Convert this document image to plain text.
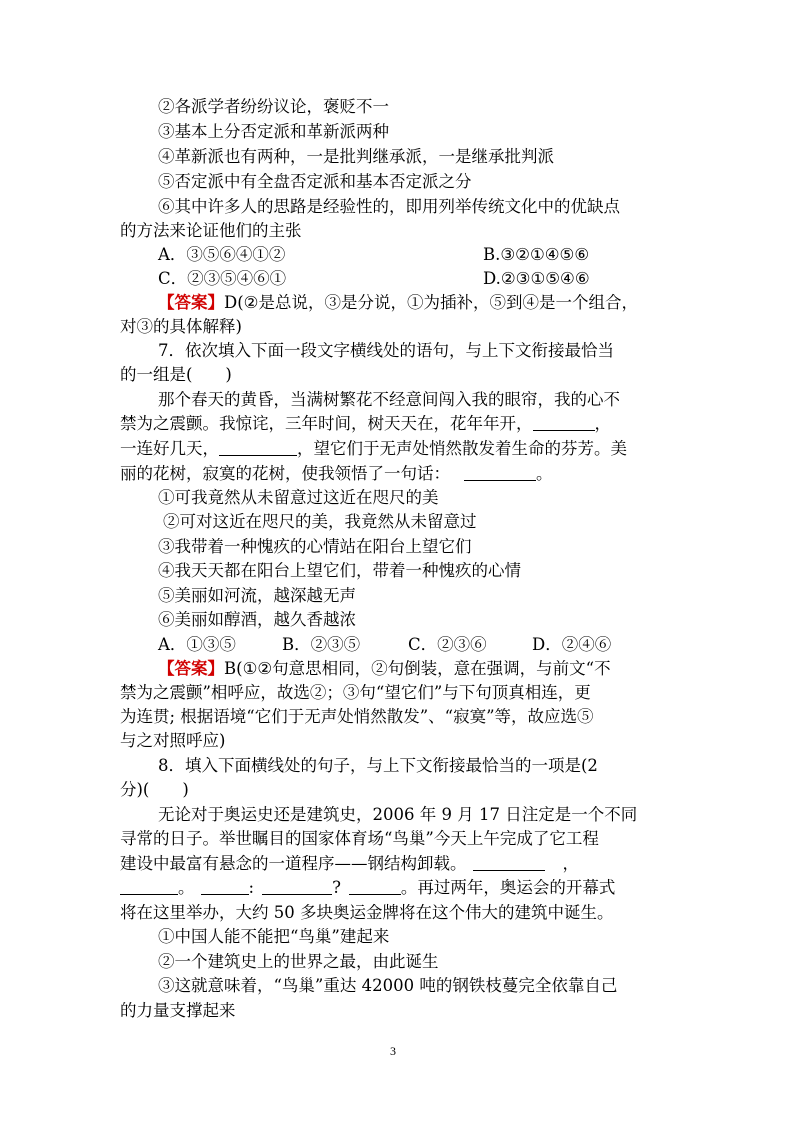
②各派学者纷纷议论，褒贬不一
③基本上分否定派和革新派两种
④革新派也有两种，一是批判继承派，一是继承批判派
⑤否定派中有全盘否定派和基本否定派之分
⑥其中许多人的思路是经验性的，即用列举传统文化中的优缺点
的方法来论证他们的主张
A．③⑤⑥④①②	B.③②①④⑤⑥
C．②③⑤④⑥①	D.②③①⑤④⑥
【答案】D(②是总说，③是分说，①为插补，⑤到④是一个组合，
对③的具体解释)
7．依次填入下面一段文字横线处的语句，与上下文衔接最恰当
的一组是(　　)
那个春天的黄昏，当满树繁花不经意间闯入我的眼帘，我的心不
禁为之震颤。我惊诧，三年时间，树天天在，花年年开，	，
一连好几天，	，望它们于无声处悄然散发着生命的芬芳。美
丽的花树，寂寞的花树，使我领悟了一句话：	。
①可我竟然从未留意过这近在咫尺的美
②可对这近在咫尺的美，我竟然从未留意过
③我带着一种愧疚的心情站在阳台上望它们
④我天天都在阳台上望它们，带着一种愧疚的心情
⑤美丽如河流，越深越无声
⑥美丽如醇酒，越久香越浓
A．①③⑤	B．②③⑤	C．②③⑥	D．②④⑥
【答案】B(①②句意思相同，②句倒装，意在强调，与前文“不
禁为之震颤”相呼应，故选②；③句“望它们”与下句顶真相连，更
为连贯; 根据语境“它们于无声处悄然散发”、“寂寞”等，故应选⑤
与之对照呼应)
8．填入下面横线处的句子，与上下文衔接最恰当的一项是(2
分)(　　)
无论对于奥运史还是建筑史，2006 年 9 月 17 日注定是一个不同
寻常的日子。举世瞩目的国家体育场“鸟巢”今天上午完成了它工程
建设中最富有悬念的一道程序——钢结构卸载。	，
。	:	?	。再过两年，奥运会的开幕式
将在这里举办，大约 50 多块奥运金牌将在这个伟大的建筑中诞生。
①中国人能不能把“鸟巢”建起来
②一个建筑史上的世界之最，由此诞生
③这就意味着，“鸟巢”重达 42000 吨的钢铁枝蔓完全依靠自己
的力量支撑起来
3
